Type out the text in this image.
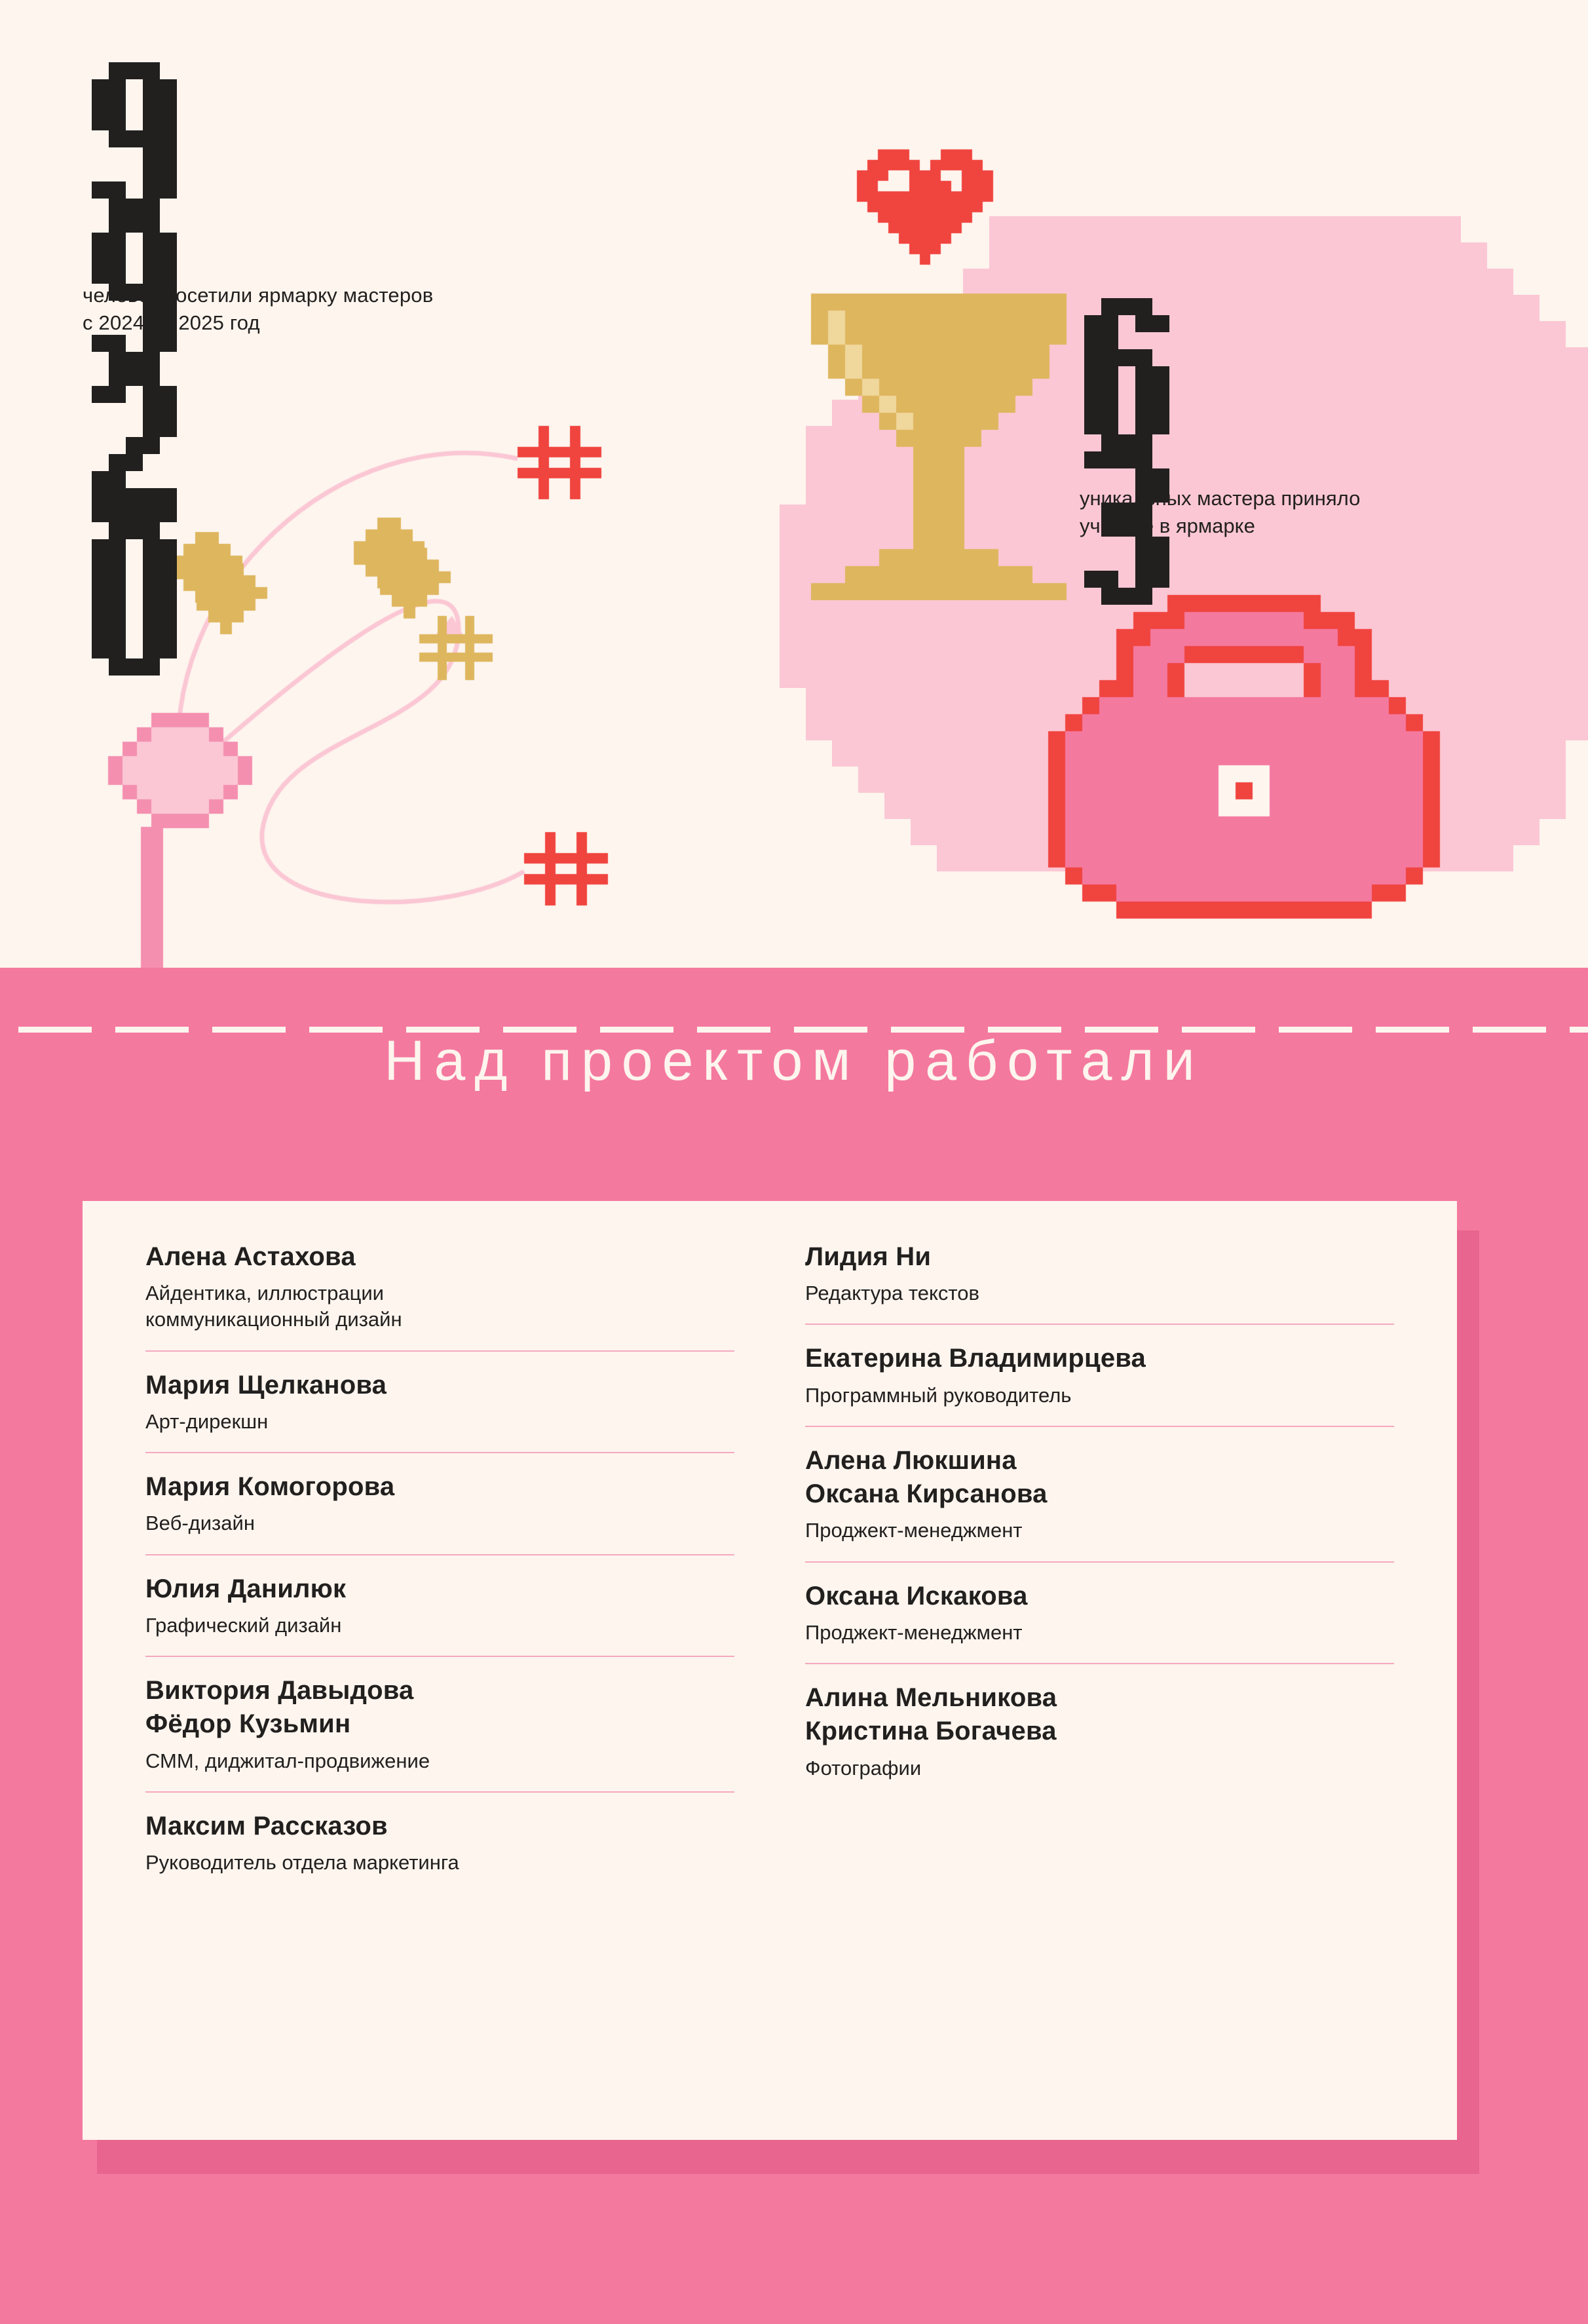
человек посетили ярмарку мастеров
с 2024 по 2025 год
уникальных мастера приняло
участие в ярмарке
Над проектом работали
Алена Астахова
Айдентика, иллюстрации
коммуникационный дизайн
Мария Щелканова
Арт-дирекшн
Мария Комогорова
Веб-дизайн
Юлия Данилюк
Графический дизайн
Виктория Давыдова
Фёдор Кузьмин
СММ, диджитал-продвижение
Максим Рассказов
Руководитель отдела маркетинга
Лидия Ни
Редактура текстов
Екатерина Владимирцева
Программный руководитель
Алена Люкшина
Оксана Кирсанова
Проджект-менеджмент
Оксана Искакова
Проджект-менеджмент
Алина Мельникова
Кристина Богачева
Фотографии
